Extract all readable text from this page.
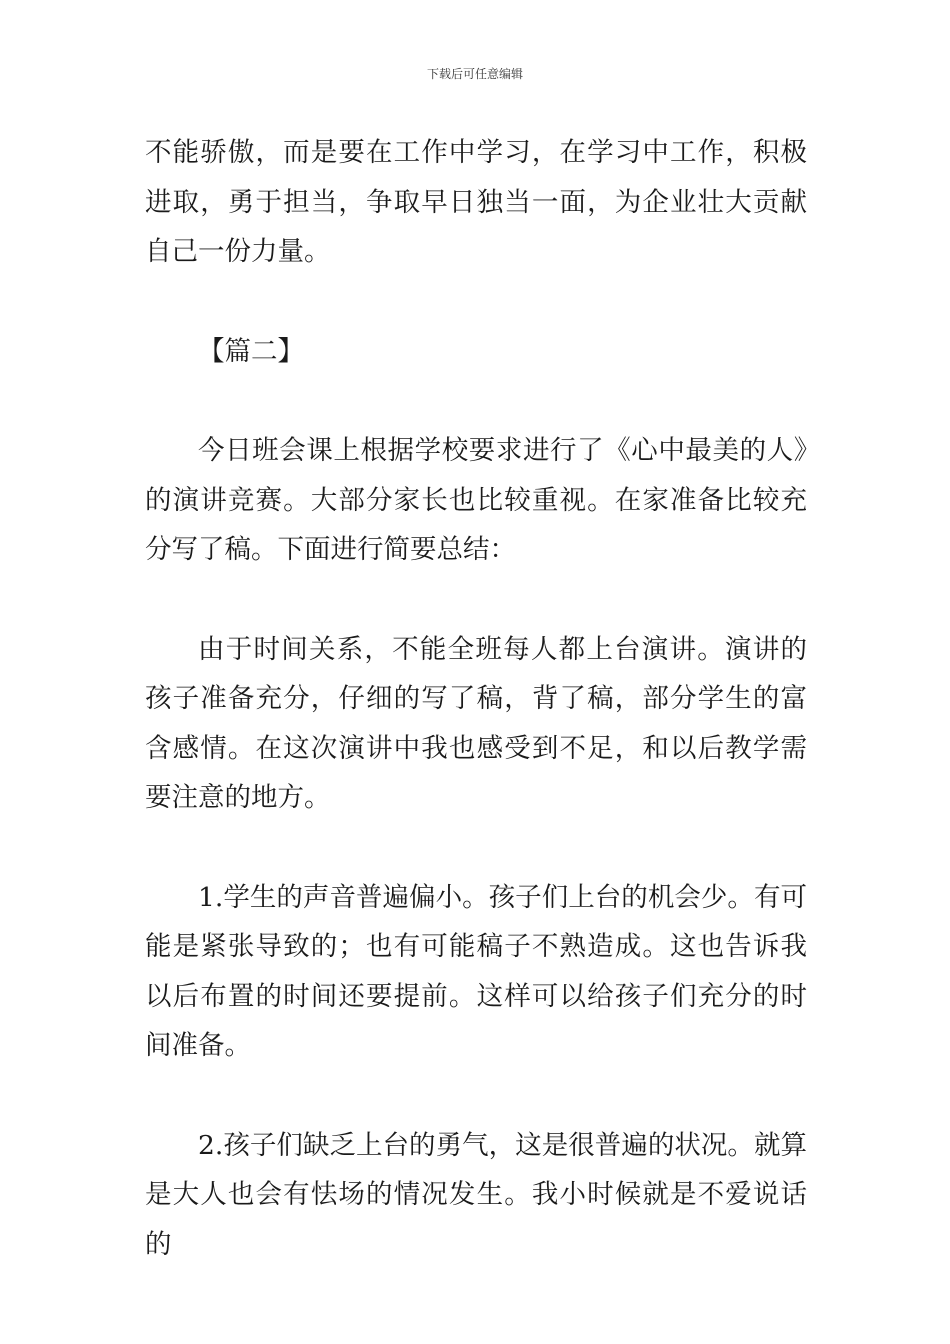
下载后可任意编辑

不能骄傲，而是要在工作中学习，在学习中工作，积极进取，勇于担当，争取早日独当一面，为企业壮大贡献自己一份力量。

【篇二】

今日班会课上根据学校要求进行了《心中最美的人》的演讲竞赛。大部分家长也比较重视。在家准备比较充分写了稿。下面进行简要总结：

由于时间关系，不能全班每人都上台演讲。演讲的孩子准备充分，仔细的写了稿，背了稿，部分学生的富含感情。在这次演讲中我也感受到不足，和以后教学需要注意的地方。

1.学生的声音普遍偏小。孩子们上台的机会少。有可能是紧张导致的；也有可能稿子不熟造成。这也告诉我以后布置的时间还要提前。这样可以给孩子们充分的时间准备。

2.孩子们缺乏上台的勇气，这是很普遍的状况。就算是大人也会有怯场的情况发生。我小时候就是不爱说话的
